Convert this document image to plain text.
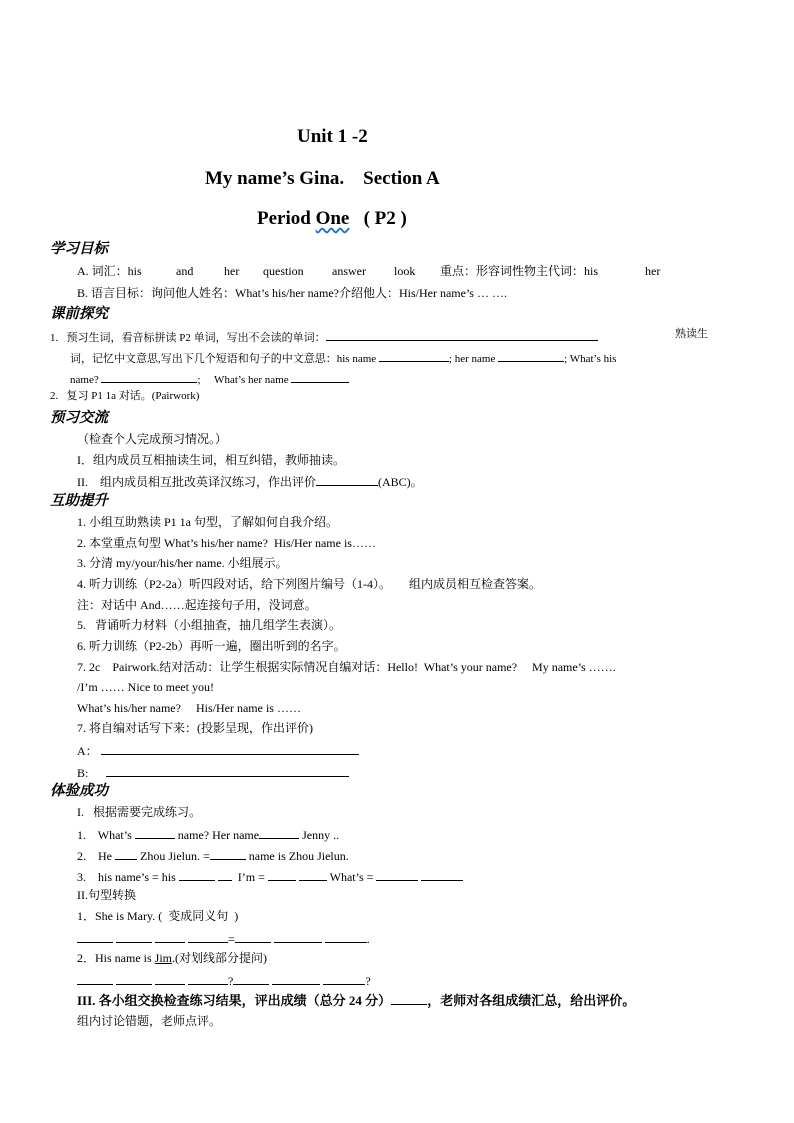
Unit 1 -2
My name’s Gina.    Section A
Period One   ( P2 )
学习目标
A. 词汇：his	and	her question answer look 重点：形容词性物主代词：his	her
B. 语言目标：询问他人姓名：What’s his/her name?介绍他人：His/Her name’s … ….
课前探究
1.   预习生词，看音标拼读 P2 单词，写出不会读的单词：	熟读生
词，记忆中文意思,写出下几个短语和句子的中文意思：his name	; her name	; What’s his
name?	;     What’s her name
2.   复习 P1 1a 对话。(Pairwork)
预习交流
（检查个人完成预习情况。）
I．组内成员互相抽读生词，相互纠错，教师抽读。
II.    组内成员相互批改英译汉练习，作出评价	(ABC)。
互助提升
1. 小组互助熟读 P1 1a 句型，了解如何自我介绍。
2. 本堂重点句型 What’s his/her name?  His/Her name is……
3. 分清 my/your/his/her name. 小组展示。
4. 听力训练（P2-2a）听四段对话，给下列图片编号（1-4）。      组内成员相互检查答案。
注：对话中 And……起连接句子用，没词意。
5.   背诵听力材料（小组抽查，抽几组学生表演）。
6. 听力训练（P2-2b）再听一遍，圈出听到的名字。
7. 2c    Pairwork.结对活动：让学生根据实际情况自编对话：Hello!  What’s your name?     My name’s …….
/I’m …… Nice to meet you!
What’s his/her name?     His/Her name is ……
7. 将自编对话写下来：(投影呈现，作出评价)
A：
B:
体验成功
I.   根据需要完成练习。
1.    What’s	name? Her name	Jenny ..
2.    He Zhou Jielun. =	name is Zhou Jielun.
3.    his name’s = his	I’m =	What’s =
II.句型转换
1．She is Mary. (  变成同义句  )
=	.
2．His name is Jim.(对划线部分提问)
?	?
III. 各小组交换检查练习结果，评出成绩（总分 24 分）	，老师对各组成绩汇总，给出评价。
组内讨论错题，老师点评。
